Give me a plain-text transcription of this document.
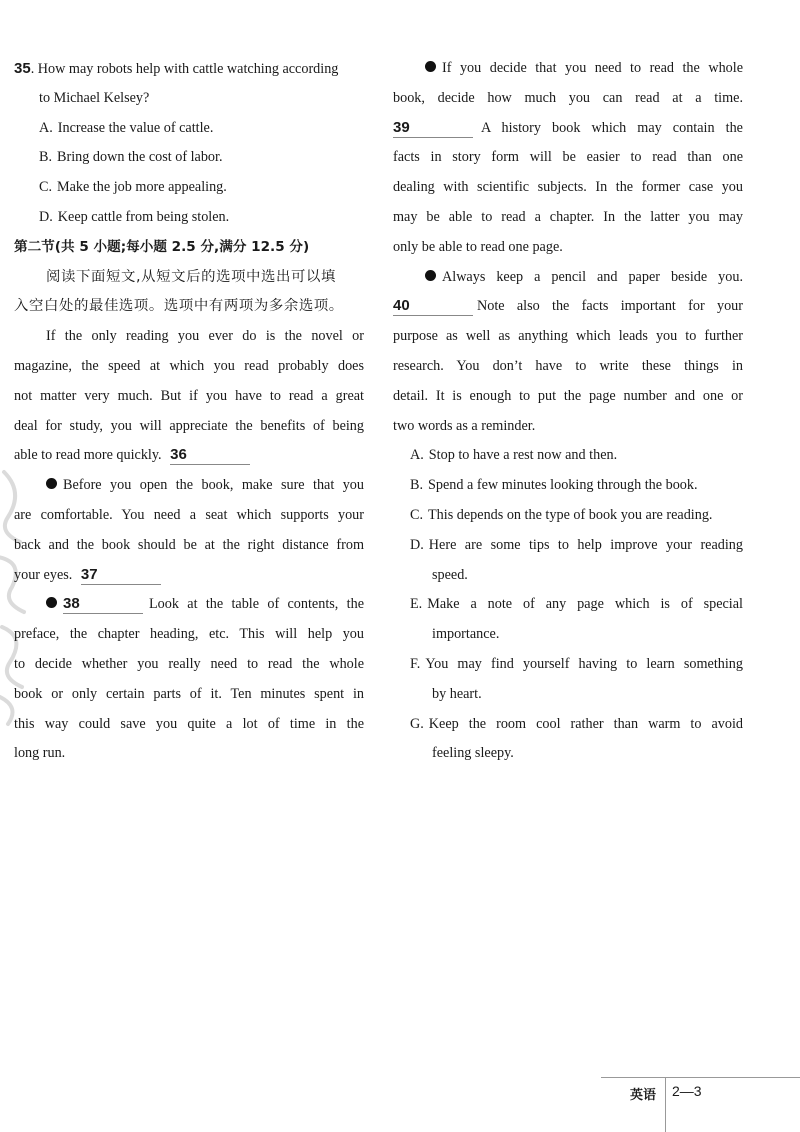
35. How may robots help with cattle watching according
to Michael Kelsey?
A. Increase the value of cattle.
B. Bring down the cost of labor.
C. Make the job more appealing.
D. Keep cattle from being stolen.
第二节(共 5 小题;每小题 2.5 分,满分 12.5 分)
阅读下面短文,从短文后的选项中选出可以填
入空白处的最佳选项。选项中有两项为多余选项。
If the only reading you ever do is the novel or
magazine, the speed at which you read probably does
not matter very much. But if you have to read a great
deal for study, you will appreciate the benefits of being
able to read more quickly. 36
Before you open the book, make sure that you
are comfortable. You need a seat which supports your
back and the book should be at the right distance from
your eyes. 37
38	Look at the table of contents, the
preface, the chapter heading, etc. This will help you
to decide whether you really need to read the whole
book or only certain parts of it. Ten minutes spent in
this way could save you quite a lot of time in the
long run.
If you decide that you need to read the whole
book, decide how much you can read at a time.
39	A history book which may contain the
facts in story form will be easier to read than one
dealing with scientific subjects. In the former case you
may be able to read a chapter. In the latter you may
only be able to read one page.
Always keep a pencil and paper beside you.
40	Note also the facts important for your
purpose as well as anything which leads you to further
research. You don’t have to write these things in
detail. It is enough to put the page number and one or
two words as a reminder.
A. Stop to have a rest now and then.
B. Spend a few minutes looking through the book.
C. This depends on the type of book you are reading.
D. Here are some tips to help improve your reading
speed.
E. Make a note of any page which is of special
importance.
F. You may find yourself having to learn something
by heart.
G. Keep the room cool rather than warm to avoid
feeling sleepy.
英语 2—3
